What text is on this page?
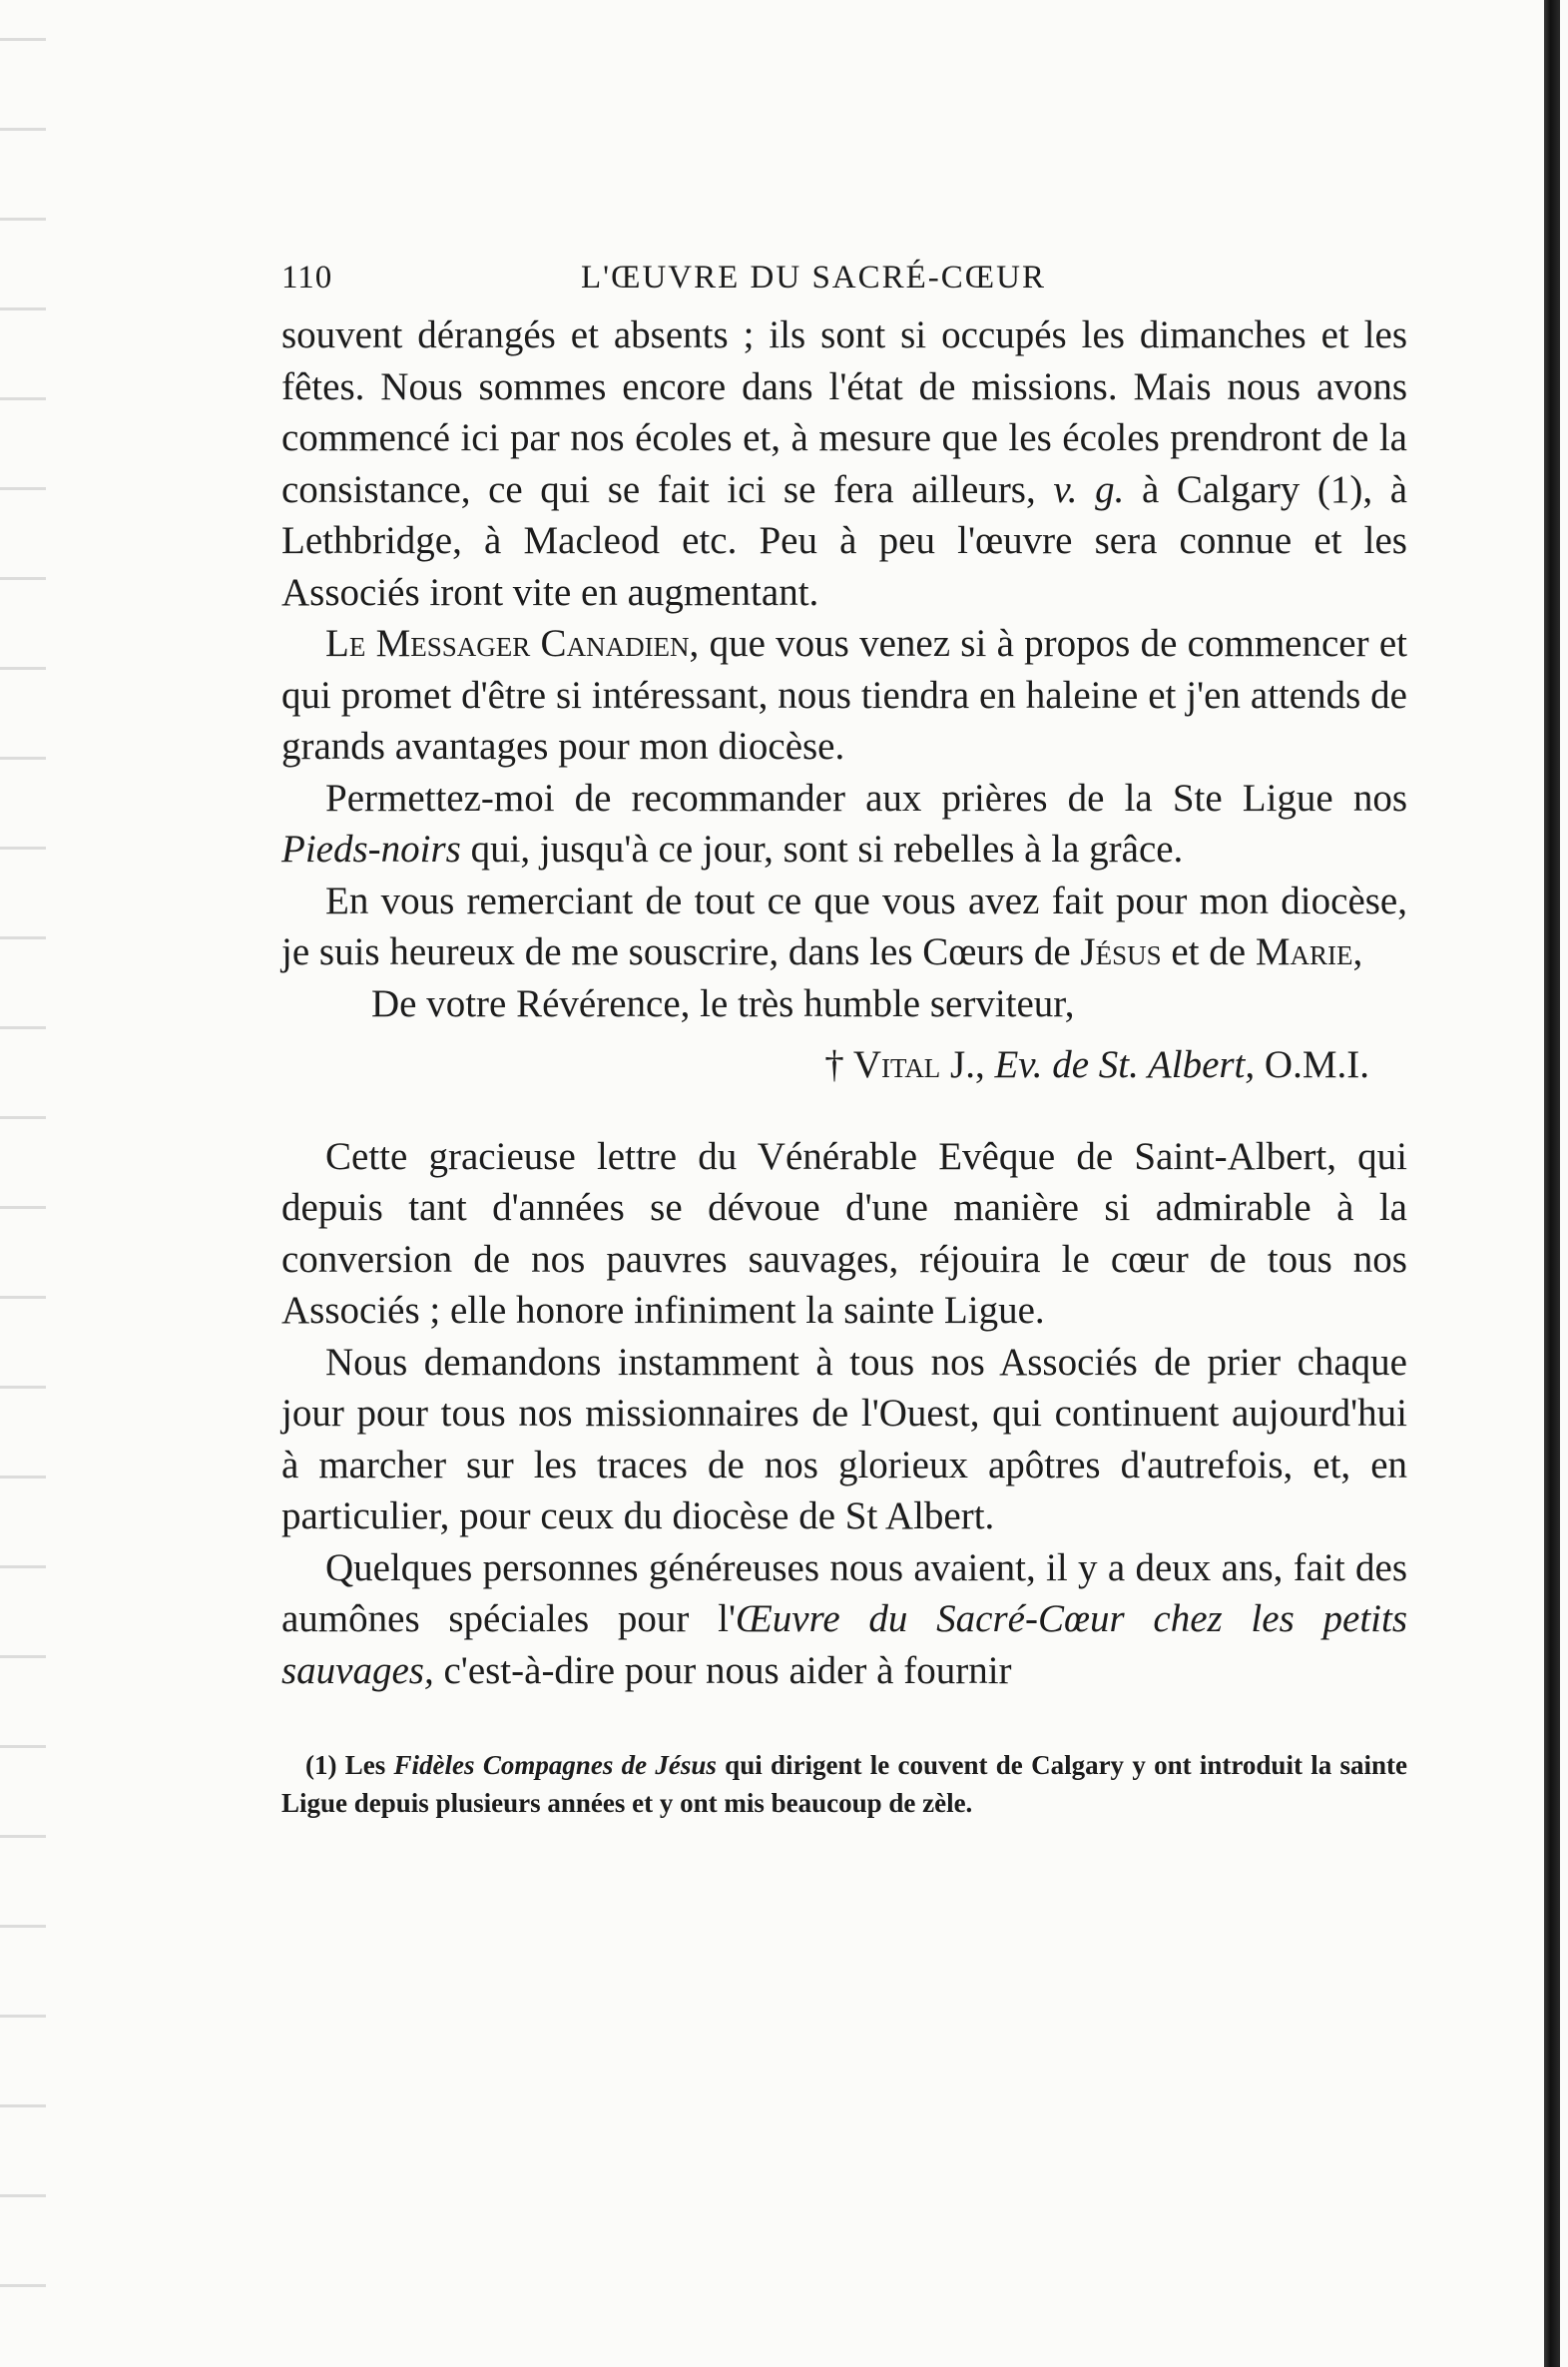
110	L'ŒUVRE DU SACRÉ-CŒUR

souvent dérangés et absents ; ils sont si occupés les dimanches et les fêtes. Nous sommes encore dans l'état de missions. Mais nous avons commencé ici par nos écoles et, à mesure que les écoles prendront de la consistance, ce qui se fait ici se fera ailleurs, v. g. à Calgary (1), à Lethbridge, à Macleod etc. Peu à peu l'œuvre sera connue et les Associés iront vite en augmentant.

Le Messager Canadien, que vous venez si à propos de commencer et qui promet d'être si intéressant, nous tiendra en haleine et j'en attends de grands avantages pour mon diocèse.

Permettez-moi de recommander aux prières de la Ste Ligue nos Pieds-noirs qui, jusqu'à ce jour, sont si rebelles à la grâce.

En vous remerciant de tout ce que vous avez fait pour mon diocèse, je suis heureux de me souscrire, dans les Cœurs de Jésus et de Marie,

De votre Révérence, le très humble serviteur,

† Vital J., Ev. de St. Albert, O.M.I.

Cette gracieuse lettre du Vénérable Evêque de Saint-Albert, qui depuis tant d'années se dévoue d'une manière si admirable à la conversion de nos pauvres sauvages, réjouira le cœur de tous nos Associés ; elle honore infiniment la sainte Ligue.

Nous demandons instamment à tous nos Associés de prier chaque jour pour tous nos missionnaires de l'Ouest, qui continuent aujourd'hui à marcher sur les traces de nos glorieux apôtres d'autrefois, et, en particulier, pour ceux du diocèse de St Albert.

Quelques personnes généreuses nous avaient, il y a deux ans, fait des aumônes spéciales pour l'Œuvre du Sacré-Cœur chez les petits sauvages, c'est-à-dire pour nous aider à fournir

(1) Les Fidèles Compagnes de Jésus qui dirigent le couvent de Calgary y ont introduit la sainte Ligue depuis plusieurs années et y ont mis beaucoup de zèle.
